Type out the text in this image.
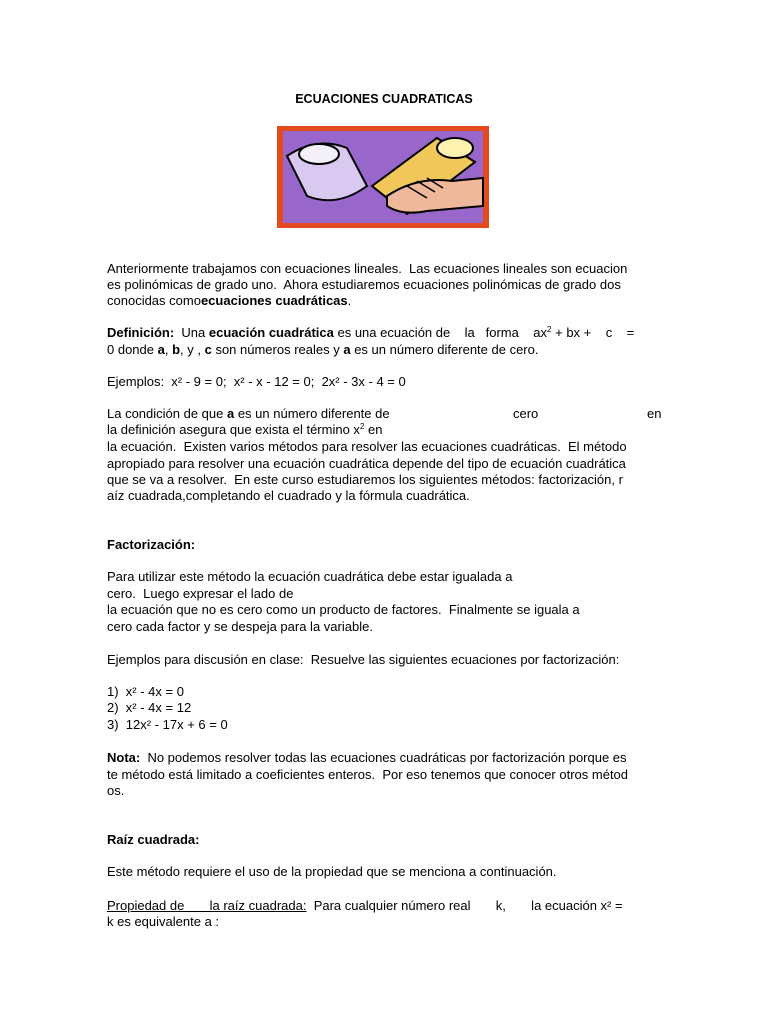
ECUACIONES CUADRATICAS
Anteriormente trabajamos con ecuaciones lineales.  Las ecuaciones lineales son ecuacion
es polinómicas de grado uno.  Ahora estudiaremos ecuaciones polinómicas de grado dos
conocidas comoecuaciones cuadráticas.
Definición:  Una ecuación cuadrática es una ecuación de    la   forma    $ax^2$ + bx +    c    =
0 donde a, b, y , c son números reales y a es un número diferente de cero.
Ejemplos:  x² - 9 = 0;  x² - x - 12 = 0;  2x² - 3x - 4 = 0
La condición de que a es un número diferente de	cero	en
la definición asegura que exista el término $x^2$ en
la ecuación.  Existen varios métodos para resolver las ecuaciones cuadráticas.  El método
apropiado para resolver una ecuación cuadrática depende del tipo de ecuación cuadrática
que se va a resolver.  En este curso estudiaremos los siguientes métodos: factorización, r
aíz cuadrada,completando el cuadrado y la fórmula cuadrática.
Factorización:
Para utilizar este método la ecuación cuadrática debe estar igualada a
cero.  Luego expresar el lado de
la ecuación que no es cero como un producto de factores.  Finalmente se iguala a
cero cada factor y se despeja para la variable.
Ejemplos para discusión en clase:  Resuelve las siguientes ecuaciones por factorización:
1)  x² - 4x = 0
2)  x² - 4x = 12
3)  12x² - 17x + 6 = 0
Nota:  No podemos resolver todas las ecuaciones cuadráticas por factorización porque es
te método está limitado a coeficientes enteros.  Por eso tenemos que conocer otros métod
os.
Raíz cuadrada:
Este método requiere el uso de la propiedad que se menciona a continuación.
Propiedad de       la raíz cuadrada:  Para cualquier número real       k,       la ecuación x² =
k es equivalente a :
